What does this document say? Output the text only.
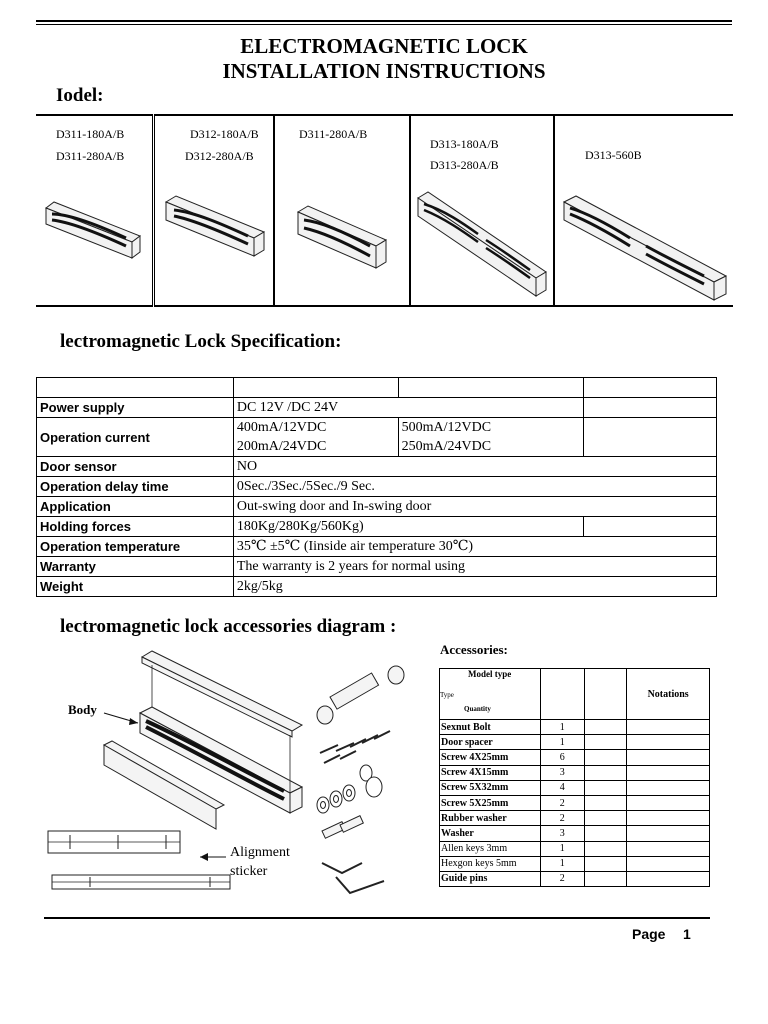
ELECTROMAGNETIC LOCK
INSTALLATION INSTRUCTIONS
Iodel:
D311-180A/B
D311-280A/B
D312-180A/B
D312-280A/B
D311-280A/B
D313-180A/B
D313-280A/B
D313-560B
lectromagnetic Lock Specification:

Power supply	DC 12V /DC 24V		
Operation current	400mA/12VDC	500mA/12VDC	
	200mA/24VDC	250mA/24VDC	
Door sensor	NO		
Operation delay time	0Sec./3Sec./5Sec./9 Sec.		
Application	Out-swing door and In-swing door		
Holding forces	180Kg/280Kg/560Kg)		
Operation temperature	35℃ ±5℃ (Iinside air temperature 30℃)		
Warranty	The warranty is 2 years for normal using		
Weight	2kg/5kg		
lectromagnetic lock accessories diagram :
Body
Alignment
sticker
Accessories:
Model type
Type
Quantity			Notations
Sexnut Bolt	1		
Door spacer	1		
Screw 4X25mm	6		
Screw 4X15mm	3		
Screw 5X32mm	4		
Screw 5X25mm	2		
Rubber washer	2		
Washer	3		
Allen keys 3mm	1		
Hexgon keys 5mm	1		
Guide pins	2		
Page 1
